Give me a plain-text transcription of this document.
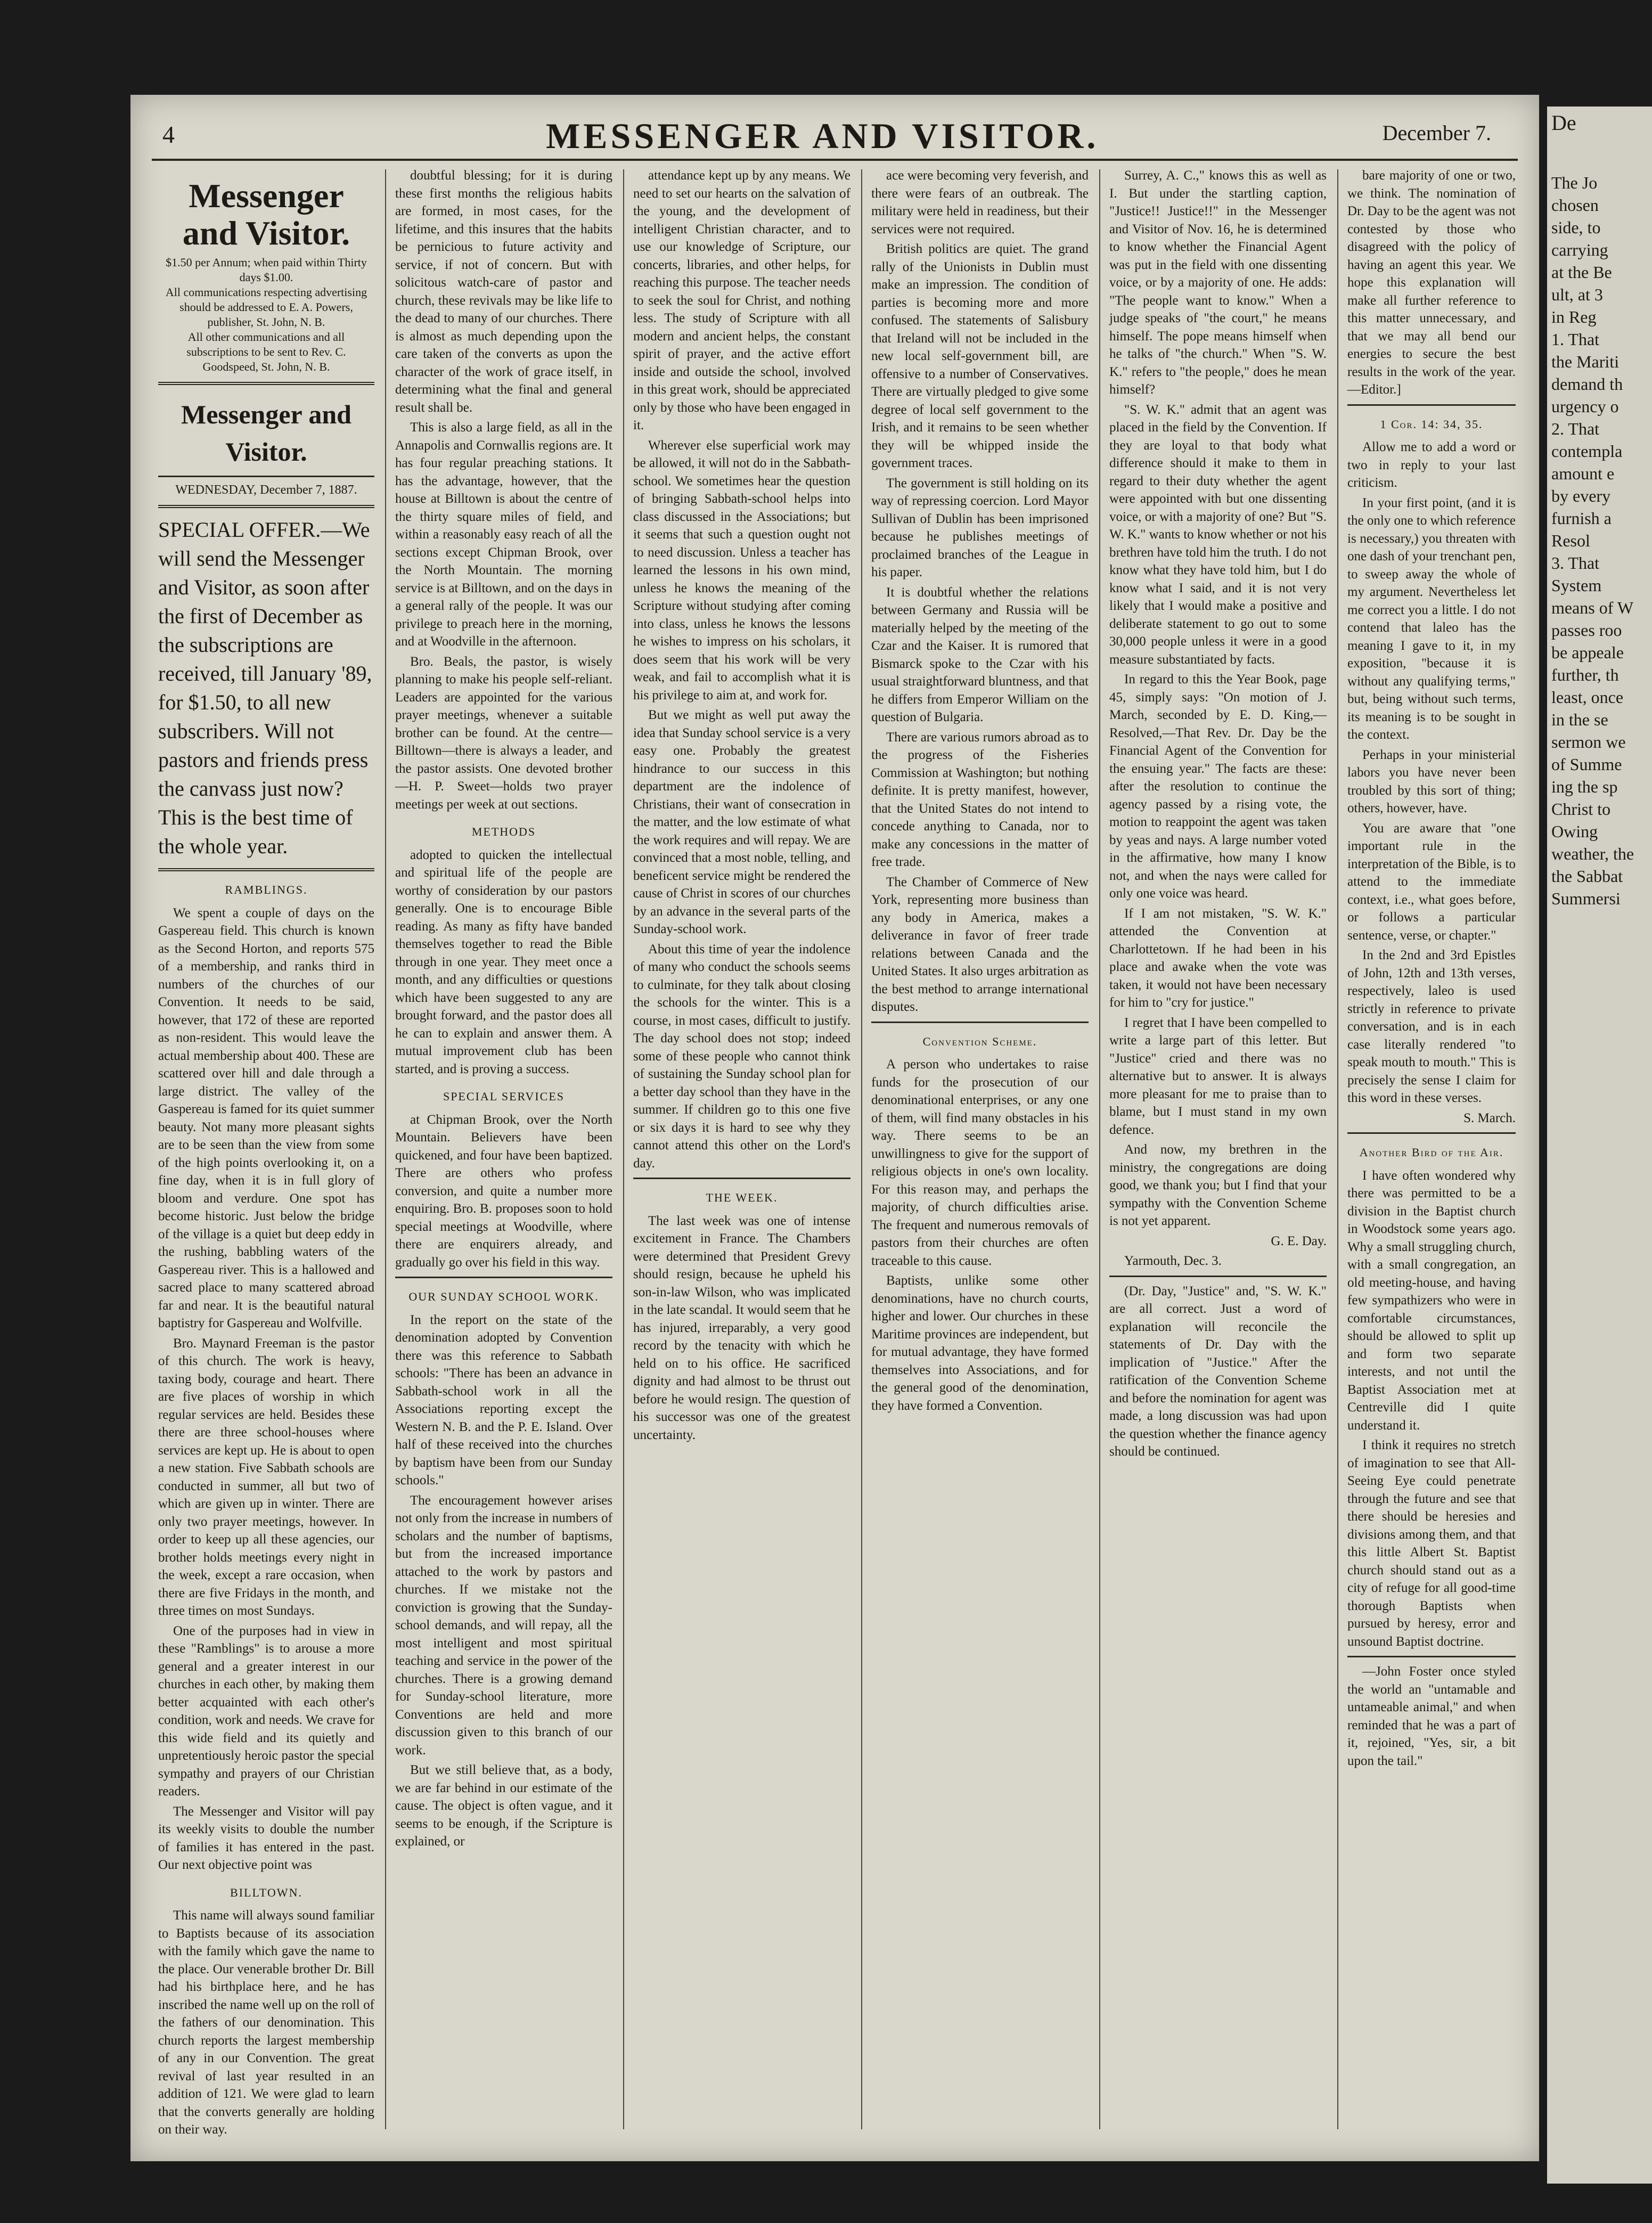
4	MESSENGER AND VISITOR.	December 7.
Messenger and Visitor.
$1.50 per Annum; when paid within Thirty days $1.00.
All communications respecting advertising should be addressed to E. A. Powers, publisher, St. John, N. B.
All other communications and all subscriptions to be sent to Rev. C. Goodspeed, St. John, N. B.
Messenger and Visitor.
WEDNESDAY, December 7, 1887.
SPECIAL OFFER.—We will send the Messenger and Visitor, as soon after the first of December as the subscriptions are received, till January '89, for $1.50, to all new subscribers. Will not pastors and friends press the canvass just now? This is the best time of the whole year.
RAMBLINGS.

We spent a couple of days on the Gaspereau field. This church is known as the Second Horton, and reports 575 of a membership, and ranks third in numbers of the churches of our Convention. It needs to be said, however, that 172 of these are reported as non-resident. This would leave the actual membership about 400. These are scattered over hill and dale through a large district. The valley of the Gaspereau is famed for its quiet summer beauty. Not many more pleasant sights are to be seen than the view from some of the high points overlooking it, on a fine day, when it is in full glory of bloom and verdure. One spot has become historic. Just below the bridge of the village is a quiet but deep eddy in the rushing, babbling waters of the Gaspereau river. This is a hallowed and sacred place to many scattered abroad far and near. It is the beautiful natural baptistry for Gaspereau and Wolfville.

Bro. Maynard Freeman is the pastor of this church. The work is heavy, taxing body, courage and heart. There are five places of worship in which regular services are held. Besides these there are three school-houses where services are kept up. He is about to open a new station. Five Sabbath schools are conducted in summer, all but two of which are given up in winter. There are only two prayer meetings, however. In order to keep up all these agencies, our brother holds meetings every night in the week, except a rare occasion, when there are five Fridays in the month, and three times on most Sundays.

One of the purposes had in view in these "Ramblings" is to arouse a more general and a greater interest in our churches in each other, by making them better acquainted with each other's condition, work and needs. We crave for this wide field and its quietly and unpretentiously heroic pastor the special sympathy and prayers of our Christian readers.

The Messenger and Visitor will pay its weekly visits to double the number of families it has entered in the past. Our next objective point was

BILLTOWN.

This name will always sound familiar to Baptists because of its association with the family which gave the name to the place. Our venerable brother Dr. Bill had his birthplace here, and he has inscribed the name well up on the roll of the fathers of our denomination. This church reports the largest membership of any in our Convention. The great revival of last year resulted in an addition of 121. We were glad to learn that the converts generally are holding on their way.

doubtful blessing; for it is during these first months the religious habits are formed, in most cases, for the lifetime, and this insures that the habits be pernicious to future activity and service, if not of concern. But with solicitous watch-care of pastor and church, these revivals may be like life to the dead to many of our churches. There is almost as much depending upon the care taken of the converts as upon the character of the work of grace itself, in determining what the final and general result shall be.

This is also a large field, as all in the Annapolis and Cornwallis regions are. It has four regular preaching stations. It has the advantage, however, that the house at Billtown is about the centre of the thirty square miles of field, and within a reasonably easy reach of all the sections except Chipman Brook, over the North Mountain. The morning service is at Billtown, and on the days in a general rally of the people. It was our privilege to preach here in the morning, and at Woodville in the afternoon.

Bro. Beals, the pastor, is wisely planning to make his people self-reliant. Leaders are appointed for the various prayer meetings, whenever a suitable brother can be found. At the centre—Billtown—there is always a leader, and the pastor assists. One devoted brother—H. P. Sweet—holds two prayer meetings per week at out sections.

METHODS

adopted to quicken the intellectual and spiritual life of the people are worthy of consideration by our pastors generally. One is to encourage Bible reading. As many as fifty have banded themselves together to read the Bible through in one year. They meet once a month, and any difficulties or questions which have been suggested to any are brought forward, and the pastor does all he can to explain and answer them. A mutual improvement club has been started, and is proving a success.

SPECIAL SERVICES

at Chipman Brook, over the North Mountain. Believers have been quickened, and four have been baptized. There are others who profess conversion, and quite a number more enquiring. Bro. B. proposes soon to hold special meetings at Woodville, where there are enquirers already, and gradually go over his field in this way.

OUR SUNDAY SCHOOL WORK.

In the report on the state of the denomination adopted by Convention there was this reference to Sabbath schools: "There has been an advance in Sabbath-school work in all the Associations reporting except the Western N. B. and the P. E. Island. Over half of these received into the churches by baptism have been from our Sunday schools."

The encouragement however arises not only from the increase in numbers of scholars and the number of baptisms, but from the increased importance attached to the work by pastors and churches. If we mistake not the conviction is growing that the Sunday-school demands, and will repay, all the most intelligent and most spiritual teaching and service in the power of the churches. There is a growing demand for Sunday-school literature, more Conventions are held and more discussion given to this branch of our work.

But we still believe that, as a body, we are far behind in our estimate of the cause. The object is often vague, and it seems to be enough, if the Scripture is explained, or

attendance kept up by any means. We need to set our hearts on the salvation of the young, and the development of intelligent Christian character, and to use our knowledge of Scripture, our concerts, libraries, and other helps, for reaching this purpose. The teacher needs to seek the soul for Christ, and nothing less. The study of Scripture with all modern and ancient helps, the constant spirit of prayer, and the active effort inside and outside the school, involved in this great work, should be appreciated only by those who have been engaged in it.

Wherever else superficial work may be allowed, it will not do in the Sabbath-school. We sometimes hear the question of bringing Sabbath-school helps into class discussed in the Associations; but it seems that such a question ought not to need discussion. Unless a teacher has learned the lessons in his own mind, unless he knows the meaning of the Scripture without studying after coming into class, unless he knows the lessons he wishes to impress on his scholars, it does seem that his work will be very weak, and fail to accomplish what it is his privilege to aim at, and work for.

But we might as well put away the idea that Sunday school service is a very easy one. Probably the greatest hindrance to our success in this department are the indolence of Christians, their want of consecration in the matter, and the low estimate of what the work requires and will repay. We are convinced that a most noble, telling, and beneficent service might be rendered the cause of Christ in scores of our churches by an advance in the several parts of the Sunday-school work.

About this time of year the indolence of many who conduct the schools seems to culminate, for they talk about closing the schools for the winter. This is a course, in most cases, difficult to justify. The day school does not stop; indeed some of these people who cannot think of sustaining the Sunday school plan for a better day school than they have in the summer. If children go to this one five or six days it is hard to see why they cannot attend this other on the Lord's day.

THE WEEK.

The last week was one of intense excitement in France. The Chambers were determined that President Grevy should resign, because he upheld his son-in-law Wilson, who was implicated in the late scandal. It would seem that he has injured, irreparably, a very good record by the tenacity with which he held on to his office. He sacrificed dignity and had almost to be thrust out before he would resign. The question of his successor was one of the greatest uncertainty.

ace were becoming very feverish, and there were fears of an outbreak. The military were held in readiness, but their services were not required.

British politics are quiet. The grand rally of the Unionists in Dublin must make an impression. The condition of parties is becoming more and more confused. The statements of Salisbury that Ireland will not be included in the new local self-government bill, are offensive to a number of Conservatives. There are virtually pledged to give some degree of local self government to the Irish, and it remains to be seen whether they will be whipped inside the government traces.

The government is still holding on its way of repressing coercion. Lord Mayor Sullivan of Dublin has been imprisoned because he publishes meetings of proclaimed branches of the League in his paper.

It is doubtful whether the relations between Germany and Russia will be materially helped by the meeting of the Czar and the Kaiser. It is rumored that Bismarck spoke to the Czar with his usual straightforward bluntness, and that he differs from Emperor William on the question of Bulgaria.

There are various rumors abroad as to the progress of the Fisheries Commission at Washington; but nothing definite. It is pretty manifest, however, that the United States do not intend to concede anything to Canada, nor to make any concessions in the matter of free trade.

The Chamber of Commerce of New York, representing more business than any body in America, makes a deliverance in favor of freer trade relations between Canada and the United States. It also urges arbitration as the best method to arrange international disputes.

Convention Scheme.

A person who undertakes to raise funds for the prosecution of our denominational enterprises, or any one of them, will find many obstacles in his way. There seems to be an unwillingness to give for the support of religious objects in one's own locality. For this reason may, and perhaps the majority, of church difficulties arise. The frequent and numerous removals of pastors from their churches are often traceable to this cause.

Baptists, unlike some other denominations, have no church courts, higher and lower. Our churches in these Maritime provinces are independent, but for mutual advantage, they have formed themselves into Associations, and for the general good of the denomination, they have formed a Convention.

Surrey, A. C.," knows this as well as I. But under the startling caption, "Justice!! Justice!!" in the Messenger and Visitor of Nov. 16, he is determined to know whether the Financial Agent was put in the field with one dissenting voice, or by a majority of one. He adds: "The people want to know." When a judge speaks of "the court," he means himself. The pope means himself when he talks of "the church." When "S. W. K." refers to "the people," does he mean himself?

"S. W. K." admit that an agent was placed in the field by the Convention. If they are loyal to that body what difference should it make to them in regard to their duty whether the agent were appointed with but one dissenting voice, or with a majority of one? But "S. W. K." wants to know whether or not his brethren have told him the truth. I do not know what they have told him, but I do know what I said, and it is not very likely that I would make a positive and deliberate statement to go out to some 30,000 people unless it were in a good measure substantiated by facts.

In regard to this the Year Book, page 45, simply says: "On motion of J. March, seconded by E. D. King,—Resolved,—That Rev. Dr. Day be the Financial Agent of the Convention for the ensuing year." The facts are these: after the resolution to continue the agency passed by a rising vote, the motion to reappoint the agent was taken by yeas and nays. A large number voted in the affirmative, how many I know not, and when the nays were called for only one voice was heard.

If I am not mistaken, "S. W. K." attended the Convention at Charlottetown. If he had been in his place and awake when the vote was taken, it would not have been necessary for him to "cry for justice."

I regret that I have been compelled to write a large part of this letter. But "Justice" cried and there was no alternative but to answer. It is always more pleasant for me to praise than to blame, but I must stand in my own defence.

And now, my brethren in the ministry, the congregations are doing good, we thank you; but I find that your sympathy with the Convention Scheme is not yet apparent.

G. E. Day.

Yarmouth, Dec. 3.

(Dr. Day, "Justice" and, "S. W. K." are all correct. Just a word of explanation will reconcile the statements of Dr. Day with the implication of "Justice." After the ratification of the Convention Scheme and before the nomination for agent was made, a long discussion was had upon the question whether the finance agency should be continued.

bare majority of one or two, we think. The nomination of Dr. Day to be the agent was not contested by those who disagreed with the policy of having an agent this year. We hope this explanation will make all further reference to this matter unnecessary, and that we may all bend our energies to secure the best results in the work of the year.—Editor.]

1 Cor. 14: 34, 35.

Allow me to add a word or two in reply to your last criticism.

In your first point, (and it is the only one to which reference is necessary,) you threaten with one dash of your trenchant pen, to sweep away the whole of my argument. Nevertheless let me correct you a little. I do not contend that laleo has the meaning I gave to it, in my exposition, "because it is without any qualifying terms," but, being without such terms, its meaning is to be sought in the context.

Perhaps in your ministerial labors you have never been troubled by this sort of thing; others, however, have.

You are aware that "one important rule in the interpretation of the Bible, is to attend to the immediate context, i.e., what goes before, or follows a particular sentence, verse, or chapter."

In the 2nd and 3rd Epistles of John, 12th and 13th verses, respectively, laleo is used strictly in reference to private conversation, and is in each case literally rendered "to speak mouth to mouth." This is precisely the sense I claim for this word in these verses.

S. March.

Another Bird of the Air.

I have often wondered why there was permitted to be a division in the Baptist church in Woodstock some years ago. Why a small struggling church, with a small congregation, an old meeting-house, and having few sympathizers who were in comfortable circumstances, should be allowed to split up and form two separate interests, and not until the Baptist Association met at Centreville did I quite understand it.

I think it requires no stretch of imagination to see that All-Seeing Eye could penetrate through the future and see that there should be heresies and divisions among them, and that this little Albert St. Baptist church should stand out as a city of refuge for all good-time thorough Baptists when pursued by heresy, error and unsound Baptist doctrine.

—John Foster once styled the world an "untamable and untameable animal," and when reminded that he was a part of it, rejoined, "Yes, sir, a bit upon the tail."

De
The Jo
chosen
side, to
carrying
at the Be
ult, at 3
in Reg
1. That
the Mariti
demand th
urgency o
2. That
contempla
amount e
by every
furnish a
Resol
3. That
System
means of W
passes roo
be appeale
further, th
least, once
in the se
sermon we
of Summe
ing the sp
Christ to
Owing
weather, the
the Sabbat
Summersi
